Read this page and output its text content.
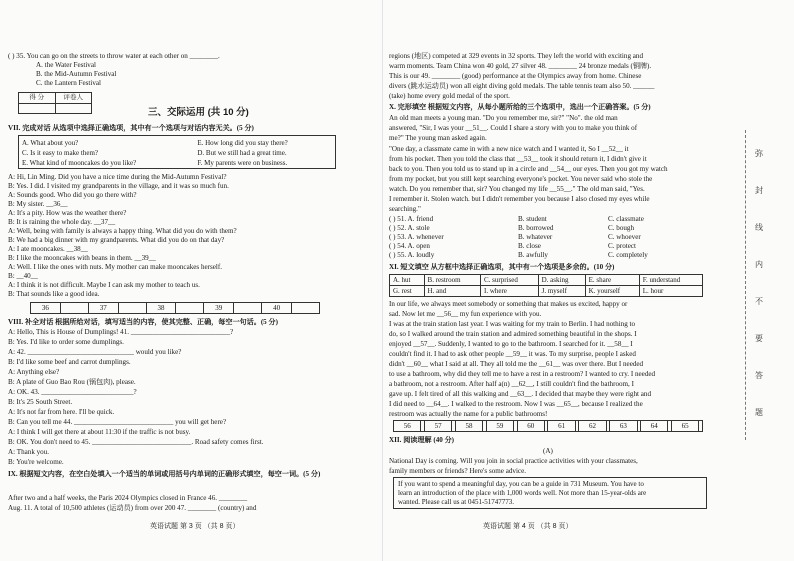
( ) 35. You can go on the streets to throw water at each other on ________.
A. the Water Festival
B. the Mid-Autumn Festival
C. the Lantern Festival
得 分	评卷人
三、交际运用 (共 10 分)
VII. 完成对话 从选项中选择正确选项，其中有一个选项与对话内容无关。(5 分)
A. What about you?	E. How long did you stay there?
C. Is it easy to make them?	D. But we still had a great time.
E. What kind of mooncakes do you like?	F. My parents were on business.
A: Hi, Lin Ming. Did you have a nice time during the Mid-Autumn Festival?
B: Yes. I did. I visited my grandparents in the village, and it was so much fun.
A: Sounds good. Who did you go there with?
B: My sister. __36__
A: It's a pity. How was the weather there?
B: It is raining the whole day. __37__
A: Well, being with family is always a happy thing. What did you do with them?
B: We had a big dinner with my grandparents. What did you do on that day?
A: I ate mooncakes. __38__
B: I like the mooncakes with beans in them. __39__
A: Well. I like the ones with nuts. My mother can make mooncakes herself.
B: __40__
A: I think it is not difficult. Maybe I can ask my mother to teach us.
B: That sounds like a good idea.
36		37		38		39		40	
VIII. 补全对话 根据所给对话，填写适当的内容，使其完整、正确，每空一句话。(5 分)
A: Hello, This is House of Dumplings! 41. ____________________________?
B: Yes. I'd like to order some dumplings.
A: 42. ______________________________ would you like?
B: I'd like some beef and carrot dumplings.
A: Anything else?
B: A plate of Guo Bao Rou (锅包肉), please.
A: OK. 43. __________________________?
B: It's 25 South Street.
A: It's not far from here. I'll be quick.
B: Can you tell me 44. ____________________________ you will get here?
A: I think I will get there at about 11:30 if the traffic is not busy.
B: OK. You don't need to 45. ____________________________. Road safety comes first.
A: Thank you.
B: You're welcome.
IX. 根据短文内容，在空白处填入一个适当的单词或用括号内单词的正确形式填空，每空一词。(5 分)
After two and a half weeks, the Paris 2024 Olympics closed in France 46. ________
Aug. 11. A total of 10,500 athletes (运动员) from over 200 47. ________ (country) and
英语试题 第 3 页 （共 8 页）
regions (地区) competed at 329 events in 32 sports. They left the world with exciting and
warm moments. Team China won 40 gold, 27 silver 48. ________ 24 bronze medals (铜牌).
This is our 49. ________ (good) performance at the Olympics away from home. Chinese
divers (跳水运动员) won all eight diving gold medals. The table tennis team also 50. ______
(take) home every gold medal of the sport.
X. 完形填空 根据短文内容，从每小题所给的三个选项中，选出一个正确答案。(5 分)
An old man meets a young man. "Do you remember me, sir?" "No". the old man
answered, "Sir, I was your __51__. Could I share a story with you to make you think of
me?" The young man asked again.
"One day, a classmate came in with a new nice watch and I wanted it, So I __52__ it
from his pocket. Then you told the class that __53__ took it should return it, I didn't give it
back to you. Then you told us to stand up in a circle and __54__ our eyes. Then you got my watch
from my pocket, but you still kept searching everyone's pocket. You never said who stole the
watch. Do you remember that, sir? You changed my life __55__." The old man said, "Yes.
I remember it. Stolen watch. but I didn't remember you because I also closed my eyes while
searching."
( ) 51. A. friend	B. student	C. classmate
( ) 52. A. stole	B. borrowed	C. bough
( ) 53. A. whenever	B. whatever	C. whoever
( ) 54. A. open	B. close	C. protect
( ) 55. A. loudly	B. awfully	C. completely
XI. 短文填空 从方框中选择正确选项，其中有一个选项是多余的。(10 分)
A. hut	B. restroom	C. surprised	D. asking	E. share	F. understand
G. rest	H. and	I. where	J. myself	K. yourself	L. hour
In our life, we always meet somebody or something that makes us excited, happy or
sad. Now let me __56__ my fun experience with you.
I was at the train station last year. I was waiting for my train to Berlin. I had nothing to
do, so I walked around the train station and admired something beautiful in the shops. I
enjoyed __57__. Suddenly, I wanted to go to the bathroom. I searched for it. __58__ I
couldn't find it. I had to ask other people __59__ it was. To my surprise, people I asked
didn't __60__ what I said at all. They all told me the __61__ was over there. But I needed
to use a bathroom, why did they tell me to have a rest in a restroom? I wanted to cry. I needed
a bathroom, not a restroom. After half a(n) __62__, I still couldn't find the bathroom, I
gave up. I felt tired of all this walking and __63__. I decided that maybe they were right and
I did need to __64__. I walked to the restroom. Now I was __65__, because I realized the
restroom was actually the name for a public bathrooms!
56		57		58		59		60		61		62		63		64		65	
XII. 阅读理解 (40 分)
(A)
National Day is coming. Will you join in social practice activities with your classmates,
family members or friends? Here's some advice.
If you want to spend a meaningful day, you can be a guide in 731 Museum. You have to
learn an introduction of the place with 1,000 words well. Not more than 15-year-olds are
wanted. Please call us at 0451-51747773.
英语试题 第 4 页 （共 8 页）
弥
封
线
内
不
要
答
题
